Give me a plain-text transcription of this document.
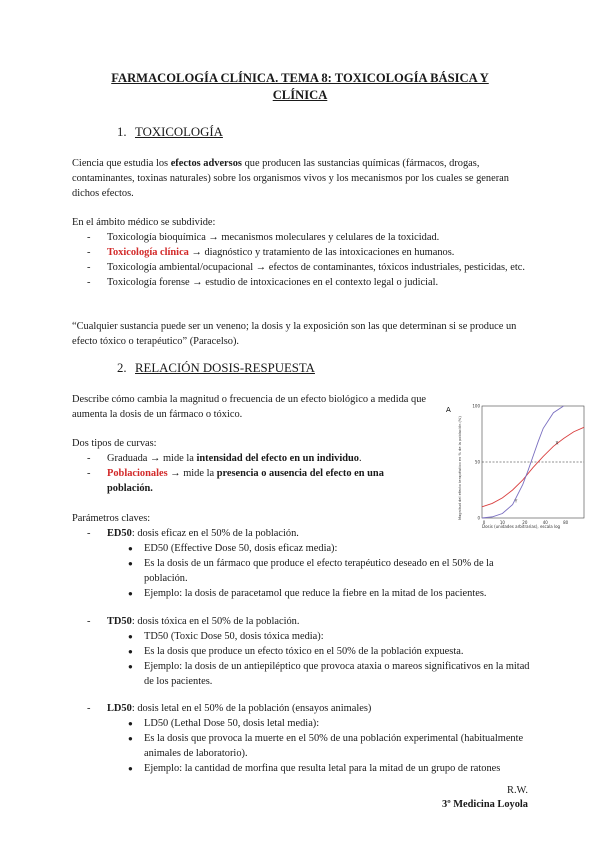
FARMACOLOGÍA CLÍNICA. TEMA 8: TOXICOLOGÍA BÁSICA Y
CLÍNICA
1. TOXICOLOGÍA

Ciencia que estudia los efectos adversos que producen las sustancias químicas (fármacos, drogas, contaminantes, toxinas naturales) sobre los organismos vivos y los mecanismos por los cuales se generan dichos efectos.

En el ámbito médico se subdivide:

- Toxicología bioquímica → mecanismos moleculares y celulares de la toxicidad.
- Toxicología clínica → diagnóstico y tratamiento de las intoxicaciones en humanos.
- Toxicología ambiental/ocupacional → efectos de contaminantes, tóxicos industriales, pesticidas, etc.
- Toxicología forense → estudio de intoxicaciones en el contexto legal o judicial.

“Cualquier sustancia puede ser un veneno; la dosis y la exposición son las que determinan si se produce un efecto tóxico o terapéutico” (Paracelso).

2. RELACIÓN DOSIS-RESPUESTA

Describe cómo cambia la magnitud o frecuencia de un efecto biológico a medida que aumenta la dosis de un fármaco o tóxico.

Dos tipos de curvas:

- Graduada → mide la intensidad del efecto en un individuo.
- Poblacionales → mide la presencia o ausencia del efecto en una población.
A
Magnitud del efecto terapéutico en % de la población (%)
100
50
0
0	10	20	40	80
X
Y
Dosis (unidades arbitrarias), escala log

Parámetros claves:

- ED50: dosis eficaz en el 50% de la población.
● ED50 (Effective Dose 50, dosis eficaz media):
● Es la dosis de un fármaco que produce el efecto terapéutico deseado en el 50% de la población.
● Ejemplo: la dosis de paracetamol que reduce la fiebre en la mitad de los pacientes.
- TD50: dosis tóxica en el 50% de la población.
● TD50 (Toxic Dose 50, dosis tóxica media):
● Es la dosis que produce un efecto tóxico en el 50% de la población expuesta.
● Ejemplo: la dosis de un antiepiléptico que provoca ataxia o mareos significativos en la mitad de los pacientes.
- LD50: dosis letal en el 50% de la población (ensayos animales)
● LD50 (Lethal Dose 50, dosis letal media):
● Es la dosis que provoca la muerte en el 50% de una población experimental (habitualmente animales de laboratorio).
● Ejemplo: la cantidad de morfina que resulta letal para la mitad de un grupo de ratones
R.W.
3º Medicina Loyola
